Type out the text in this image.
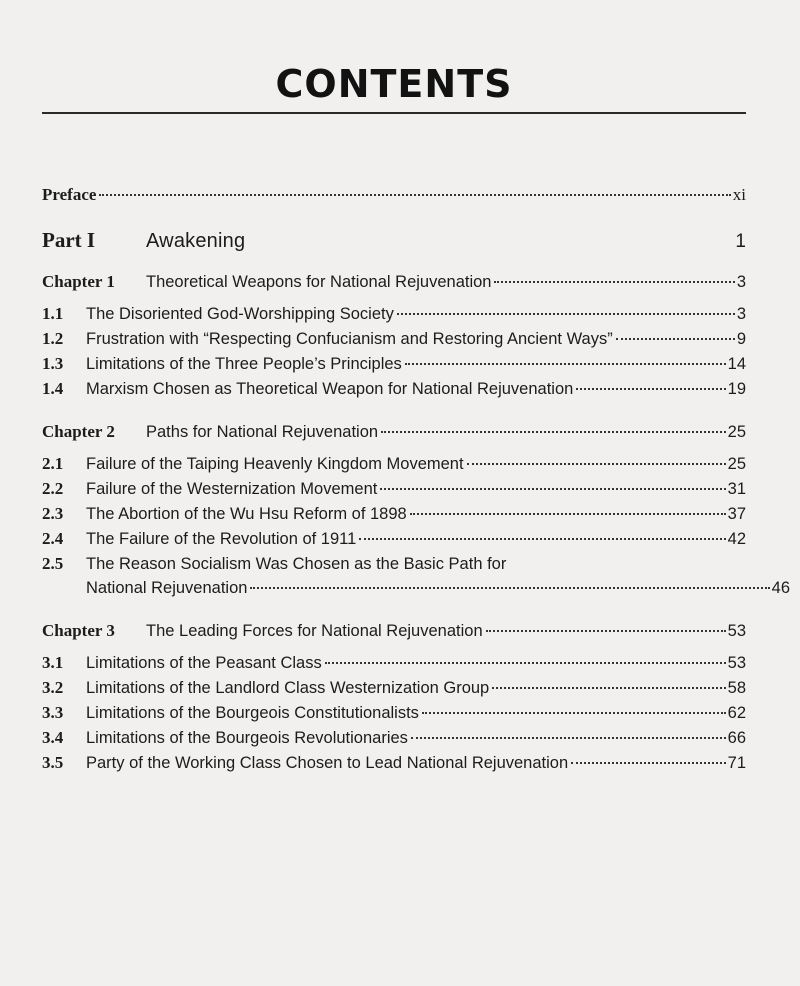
CONTENTS
Preface	xi
Part I	Awakening	1
Chapter 1	Theoretical Weapons for National Rejuvenation	3
1.1	The Disoriented God-Worshipping Society	3
1.2	Frustration with “Respecting Confucianism and Restoring Ancient Ways”	9
1.3	Limitations of the Three People’s Principles	14
1.4	Marxism Chosen as Theoretical Weapon for National Rejuvenation	19
Chapter 2	Paths for National Rejuvenation	25
2.1	Failure of the Taiping Heavenly Kingdom Movement	25
2.2	Failure of the Westernization Movement	31
2.3	The Abortion of the Wu Hsu Reform of 1898	37
2.4	The Failure of the Revolution of 1911	42
2.5	The Reason Socialism Was Chosen as the Basic Path for
National Rejuvenation	46
Chapter 3	The Leading Forces for National Rejuvenation	53
3.1	Limitations of the Peasant Class	53
3.2	Limitations of the Landlord Class Westernization Group	58
3.3	Limitations of the Bourgeois Constitutionalists	62
3.4	Limitations of the Bourgeois Revolutionaries	66
3.5	Party of the Working Class Chosen to Lead National Rejuvenation	71
